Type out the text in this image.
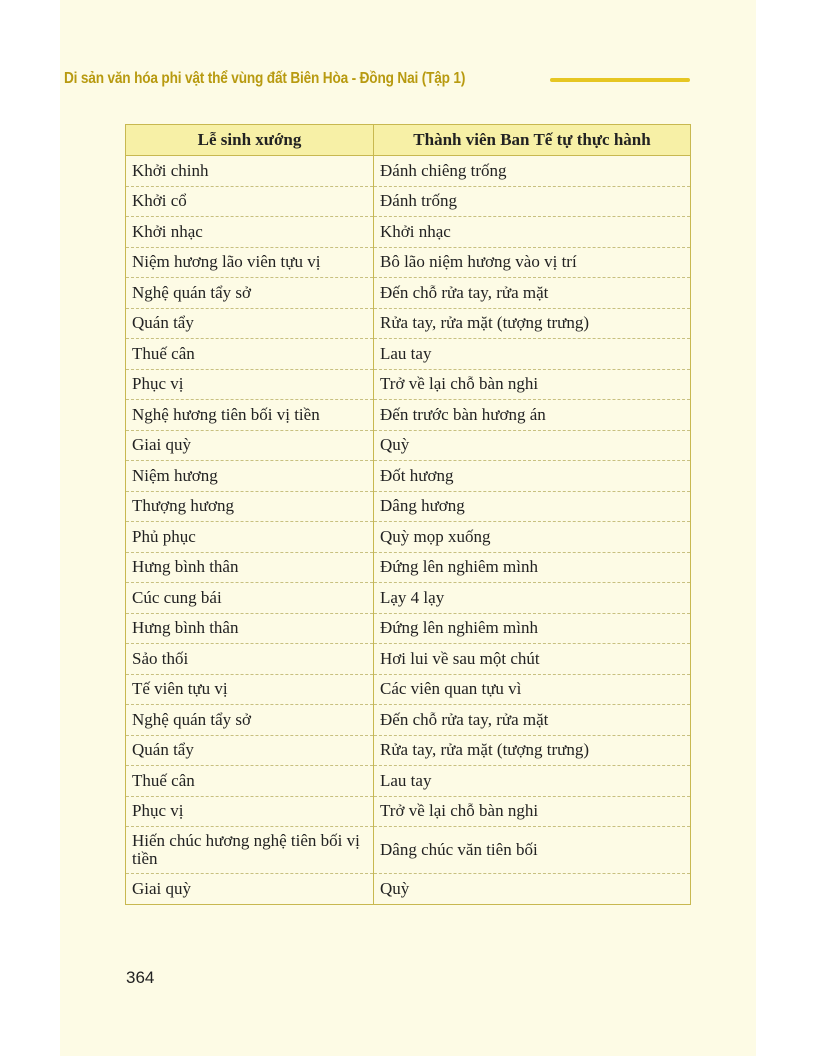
Di sản văn hóa phi vật thể vùng đất Biên Hòa - Đồng Nai (Tập 1)
Lễ sinh xướng	Thành viên Ban Tế tự thực hành
Khởi chinh	Đánh chiêng trống
Khởi cổ	Đánh trống
Khởi nhạc	Khởi nhạc
Niệm hương lão viên tựu vị	Bô lão niệm hương vào vị trí
Nghệ quán tẩy sở	Đến chỗ rửa tay, rửa mặt
Quán tẩy	Rửa tay, rửa mặt (tượng trưng)
Thuế cân	Lau tay
Phục vị	Trở về lại chỗ bàn nghi
Nghệ hương tiên bối vị tiền	Đến trước bàn hương án
Giai quỳ	Quỳ
Niệm hương	Đốt hương
Thượng hương	Dâng hương
Phủ phục	Quỳ mọp xuống
Hưng bình thân	Đứng lên nghiêm mình
Cúc cung bái	Lạy 4 lạy
Hưng bình thân	Đứng lên nghiêm mình
Sảo thối	Hơi lui về sau một chút
Tế viên tựu vị	Các viên quan tựu vì
Nghệ quán tẩy sở	Đến chỗ rửa tay, rửa mặt
Quán tẩy	Rửa tay, rửa mặt (tượng trưng)
Thuế cân	Lau tay
Phục vị	Trở về lại chỗ bàn nghi
Hiến chúc hương nghệ tiên bối vị tiền	Dâng chúc văn tiên bối
Giai quỳ	Quỳ
364
